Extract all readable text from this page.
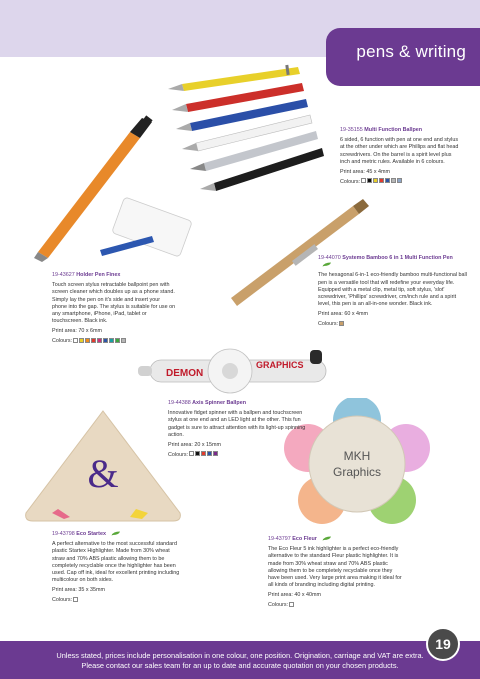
pens & writing
DEMON
GRAPHICS
&	MKH
Graphics
19-35155 Multi Function Ballpen

6 sided, 6 function with pen at one end and stylus at the other under which are Phillips and flat head screwdrivers. On the barrel is a spirit level plus inch and metric rules. Available in 6 colours.

Print area: 45 x 4mm
Colours:
19-44070 Systemo Bamboo 6 in 1 Multi Function Pen

The hexagonal 6-in-1 eco-friendly bamboo multi-functional ball pen is a versatile tool that will redefine your everyday life. Equipped with a metal clip, metal tip, soft stylus, 'slot' screwdriver, 'Phillips' screwdriver, cm/inch rule and a spirit level, this pen is an all-in-one wonder. Black ink.

Print area: 60 x 4mm
Colours:
19-43627 Holder Pen Finex

Touch screen stylus retractable ballpoint pen with screen cleaner which doubles up as a phone stand. Simply lay the pen on it's side and insert your phone into the gap. The stylus is suitable for use on any smartphone, iPhone, iPad, tablet or touchscreen. Black ink.

Print area: 70 x 6mm
Colours:
19-44388 Axis Spinner Ballpen

Innovative fidget spinner with a ballpen and touchscreen stylus at one end and an LED light at the other. This fun gadget is sure to attract attention with its light-up spinning action.

Print area: 20 x 15mm
Colours:
19-43798 Eco Startex

A perfect alternative to the most successful standard plastic Startex Highlighter. Made from 30% wheat straw and 70% ABS plastic allowing them to be completely recyclable once the highlighter has been used. Cap off ink, ideal for excellent printing including multicolour on both sides.

Print area: 35 x 35mm
Colours:
19-43797 Eco Fleur

The Eco Fleur 5 ink highlighter is a perfect eco-friendly alternative to the standard Fleur plastic highlighter. It is made from 30% wheat straw and 70% ABS plastic allowing them to be completely recyclable once they have been used. Very large print area making it ideal for all kinds of branding including digital printing.

Print area: 40 x 40mm
Colours:
Unless stated, prices include personalisation in one colour, one position. Origination, carriage and VAT are extra.
Please contact our sales team for an up to date and accurate quotation on your chosen products.
19
